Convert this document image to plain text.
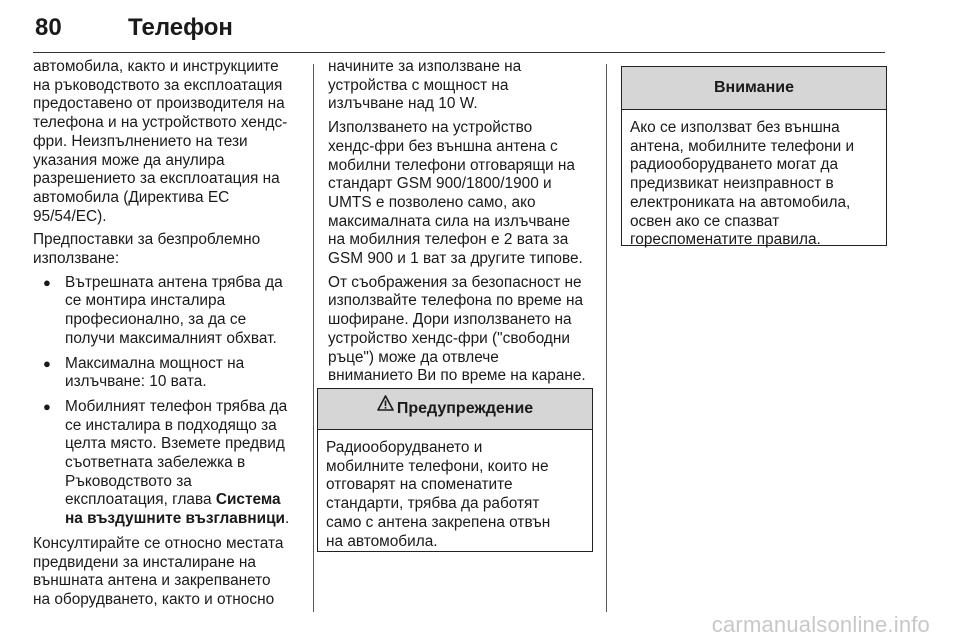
80	Телефон

автомобила, както и инструкциите
на ръководството за експлоатация
предоставено от производителя на
телефона и на устройството хендс-
фри. Неизпълнението на тези
указания може да анулира
разрешението за експлоатация на
автомобила (Директива ЕС
95/54/ЕС).

Предпоставки за безпроблемно
използване:

● Вътрешната антена трябва да
се монтира инсталира
професионално, за да се
получи максималният обхват.
● Максимална мощност на
излъчване: 10 вата.
● Мобилният телефон трябва да
се инсталира в подходящо за
целта място. Вземете предвид
съответната забележка в
Ръководството за
експлоатация, глава Система
на въздушните възглавници.

Консултирайте се относно местата
предвидени за инсталиране на
външната антена и закрепването
на оборудването, както и относно

начините за използване на
устройства с мощност на
излъчване над 10 W.

Използването на устройство
хендс-фри без външна антена с
мобилни телефони отговарящи на
стандарт GSM 900/1800/1900 и
UMTS е позволено само, ако
максималната сила на излъчване
на мобилния телефон е 2 вата за
GSM 900 и 1 ват за другите типове.

От съображения за безопасност не
използвайте телефона по време на
шофиране. Дори използването на
устройство хендс-фри ("свободни
ръце") може да отвлече
вниманието Ви по време на каране.

Предупреждение
Радиооборудването и
мобилните телефони, които не
отговарят на споменатите
стандарти, трябва да работят
само с антена закрепена отвън
на автомобила.
Внимание
Ако се използват без външна
антена, мобилните телефони и
радиооборудването могат да
предизвикат неизправност в
електрониката на автомобила,
освен ако се спазват
гореспоменатите правила.
carmanualsonline.info
